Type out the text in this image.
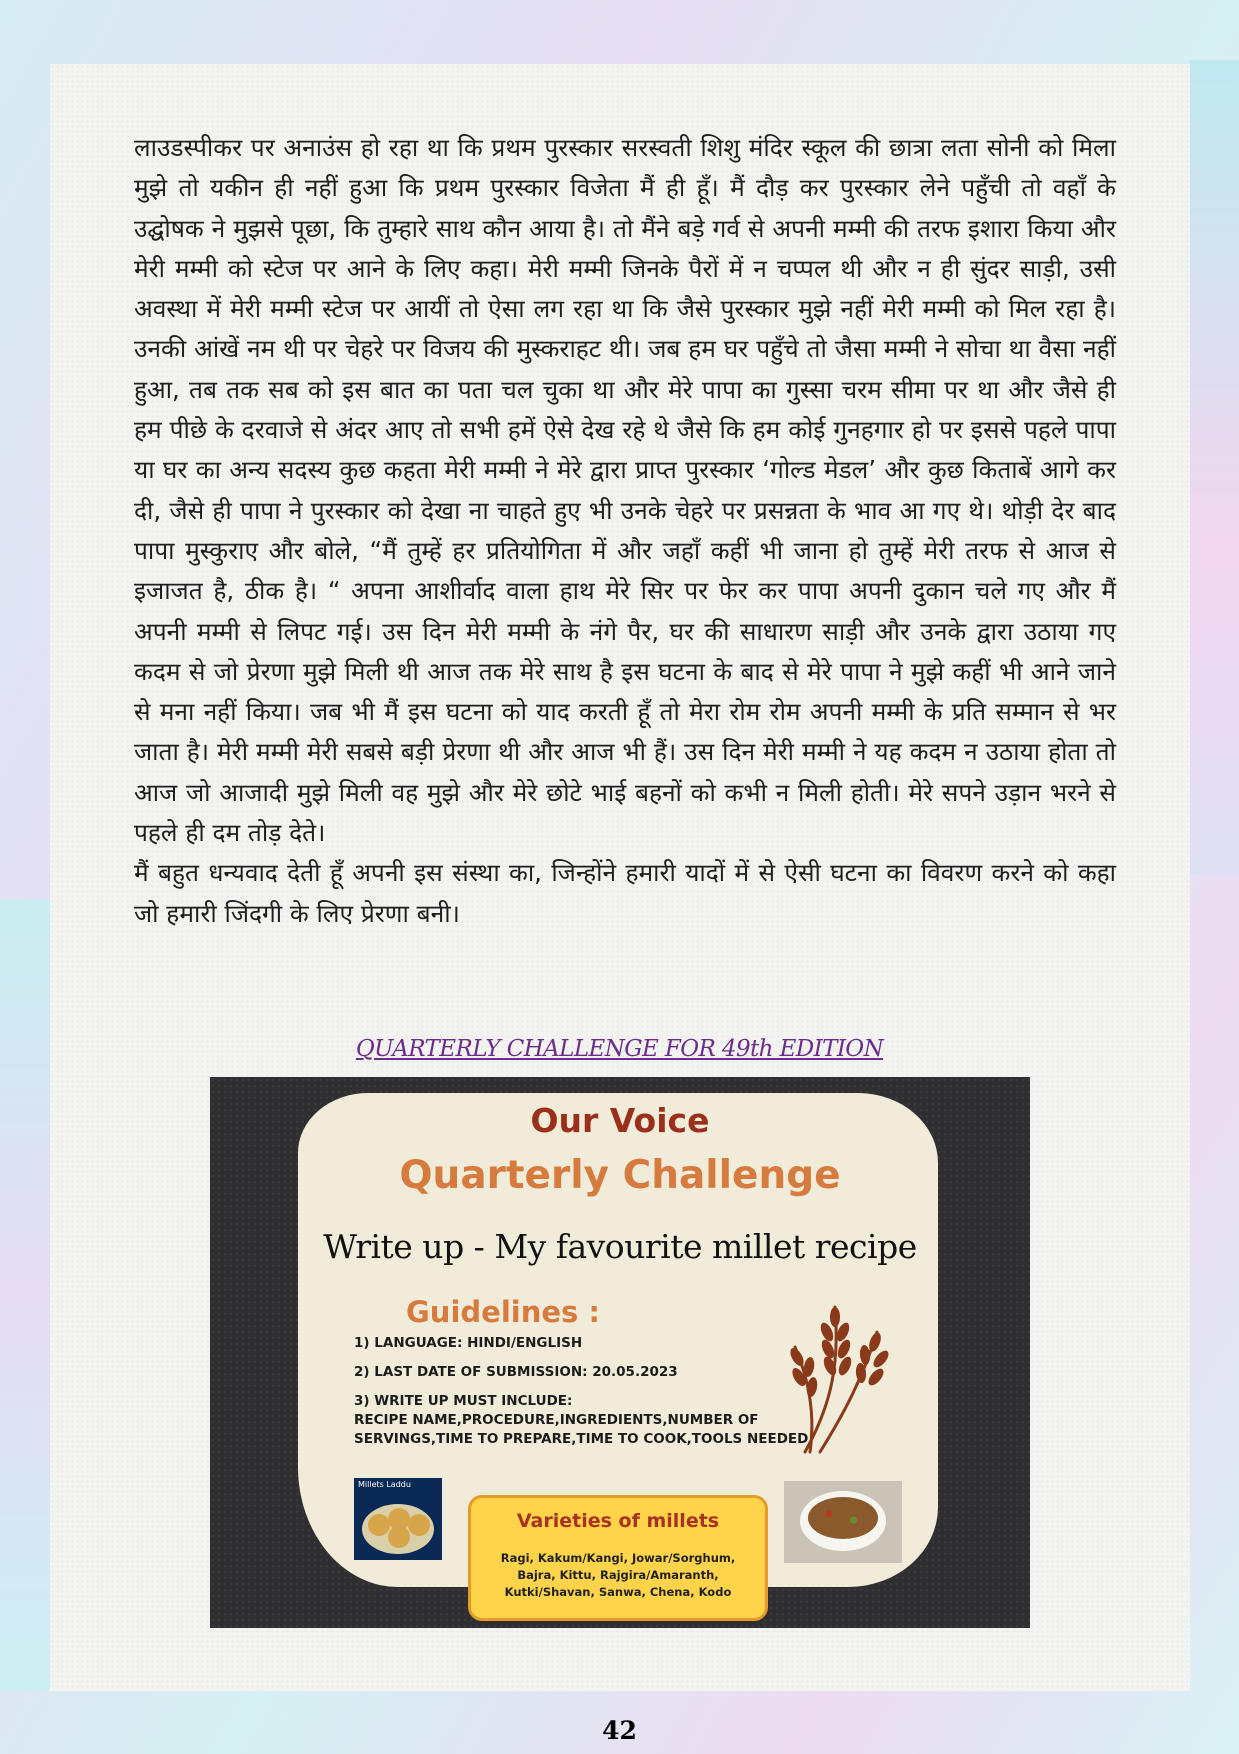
लाउडस्पीकर पर अनाउंस हो रहा था कि प्रथम पुरस्कार सरस्वती शिशु मंदिर स्कूल की छात्रा लता सोनी को मिला मुझे तो यकीन ही नहीं हुआ कि प्रथम पुरस्कार विजेता मैं ही हूँ। मैं दौड़ कर पुरस्कार लेने पहुँची तो वहाँ के उद्घोषक ने मुझसे पूछा, कि तुम्हारे साथ कौन आया है। तो मैंने बड़े गर्व से अपनी मम्मी की तरफ इशारा किया और मेरी मम्मी को स्टेज पर आने के लिए कहा। मेरी मम्मी जिनके पैरों में न चप्पल थी और न ही सुंदर साड़ी, उसी अवस्था में मेरी मम्मी स्टेज पर आयीं तो ऐसा लग रहा था कि जैसे पुरस्कार मुझे नहीं मेरी मम्मी को मिल रहा है। उनकी आंखें नम थी पर चेहरे पर विजय की मुस्कराहट थी। जब हम घर पहुँचे तो जैसा मम्मी ने सोचा था वैसा नहीं हुआ, तब तक सब को इस बात का पता चल चुका था और मेरे पापा का गुस्सा चरम सीमा पर था और जैसे ही हम पीछे के दरवाजे से अंदर आए तो सभी हमें ऐसे देख रहे थे जैसे कि हम कोई गुनहगार हो पर इससे पहले पापा या घर का अन्य सदस्य कुछ कहता मेरी मम्मी ने मेरे द्वारा प्राप्त पुरस्कार ‘गोल्ड मेडल’ और कुछ किताबें आगे कर दी, जैसे ही पापा ने पुरस्कार को देखा ना चाहते हुए भी उनके चेहरे पर प्रसन्नता के भाव आ गए थे। थोड़ी देर बाद पापा मुस्कुराए और बोले, “मैं तुम्हें हर प्रतियोगिता में और जहाँ कहीं भी जाना हो तुम्हें मेरी तरफ से आज से इजाजत है, ठीक है। “ अपना आशीर्वाद वाला हाथ मेरे सिर पर फेर कर पापा अपनी दुकान चले गए और मैं अपनी मम्मी से लिपट गई। उस दिन मेरी मम्मी के नंगे पैर, घर की साधारण साड़ी और उनके द्वारा उठाया गए कदम से जो प्रेरणा मुझे मिली थी आज तक मेरे साथ है इस घटना के बाद से मेरे पापा ने मुझे कहीं भी आने जाने से मना नहीं किया। जब भी मैं इस घटना को याद करती हूँ तो मेरा रोम रोम अपनी मम्मी के प्रति सम्मान से भर जाता है। मेरी मम्मी मेरी सबसे बड़ी प्रेरणा थी और आज भी हैं। उस दिन मेरी मम्मी ने यह कदम न उठाया होता तो आज जो आजादी मुझे मिली वह मुझे और मेरे छोटे भाई बहनों को कभी न मिली होती। मेरे सपने उड़ान भरने से पहले ही दम तोड़ देते।

मैं बहुत धन्यवाद देती हूँ अपनी इस संस्था का, जिन्होंने हमारी यादों में से ऐसी घटना का विवरण करने को कहा जो हमारी जिंदगी के लिए प्रेरणा बनी।

QUARTERLY CHALLENGE FOR 49th EDITION

Our Voice

Quarterly Challenge

Write up - My favourite millet recipe

Guidelines :

1) LANGUAGE: HINDI/ENGLISH
2) LAST DATE OF SUBMISSION: 20.05.2023
3) WRITE UP MUST INCLUDE:
RECIPE NAME,PROCEDURE,INGREDIENTS,NUMBER OF SERVINGS,TIME TO PREPARE,TIME TO COOK,TOOLS NEEDED
Millets Laddu

Varieties of millets

Ragi, Kakum/Kangi, Jowar/Sorghum, Bajra, Kittu, Rajgira/Amaranth, Kutki/Shavan, Sanwa, Chena, Kodo

42
